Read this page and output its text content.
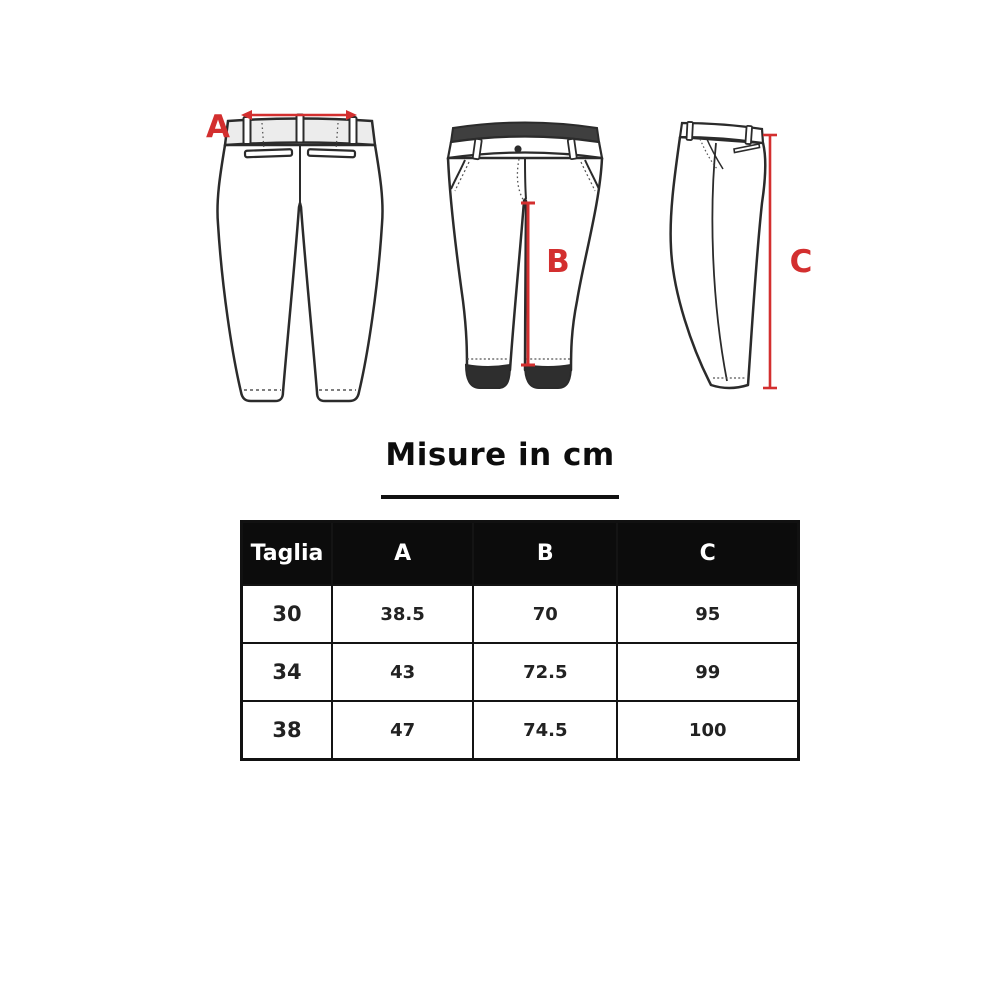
A
B	C
Misure in cm
Taglia	A	B	C
30	38.5	70	95
34	43	72.5	99
38	47	74.5	100
